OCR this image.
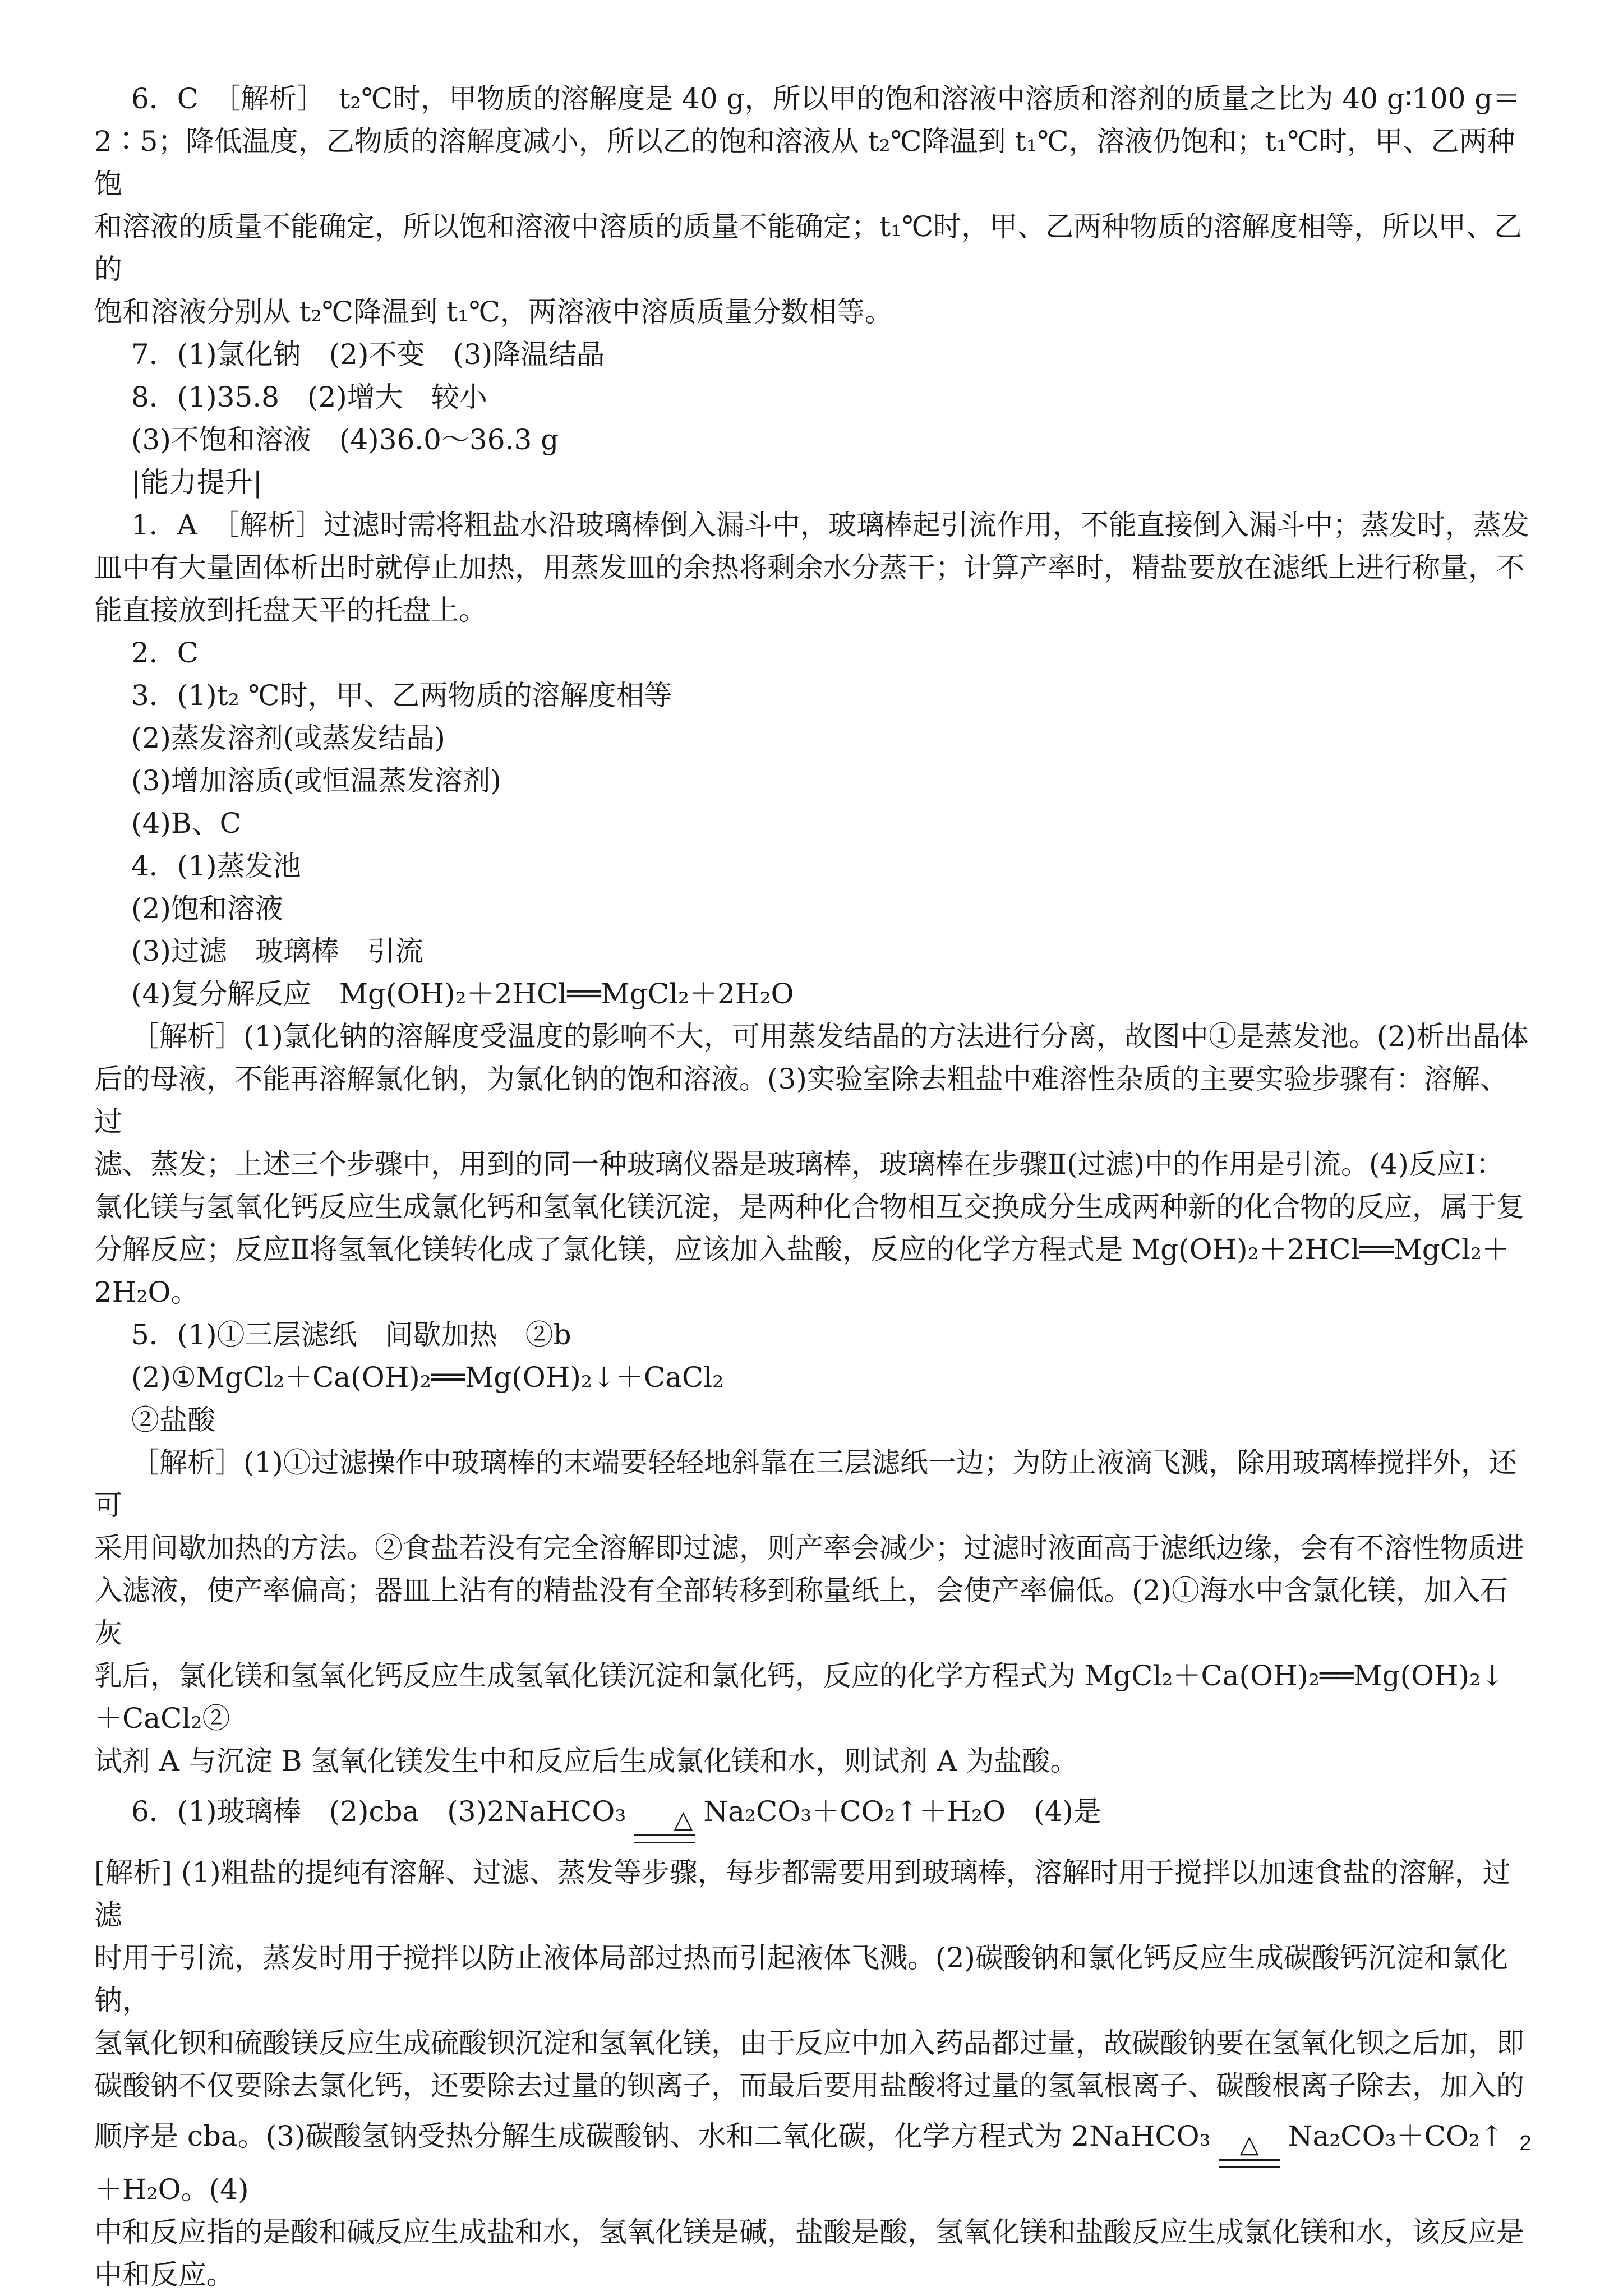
6．C　［解析］　t₂℃时，甲物质的溶解度是 40 g，所以甲的饱和溶液中溶质和溶剂的质量之比为 40 g∶100 g＝

2∶5；降低温度，乙物质的溶解度减小，所以乙的饱和溶液从 t₂℃降温到 t₁℃，溶液仍饱和；t₁℃时，甲、乙两种饱

和溶液的质量不能确定，所以饱和溶液中溶质的质量不能确定；t₁℃时，甲、乙两种物质的溶解度相等，所以甲、乙的

饱和溶液分别从 t₂℃降温到 t₁℃，两溶液中溶质质量分数相等。

7．(1)氯化钠　(2)不变　(3)降温结晶

8．(1)35.8　(2)增大　较小

(3)不饱和溶液　(4)36.0～36.3 g

|能力提升|

1．A　［解析］过滤时需将粗盐水沿玻璃棒倒入漏斗中，玻璃棒起引流作用，不能直接倒入漏斗中；蒸发时，蒸发

皿中有大量固体析出时就停止加热，用蒸发皿的余热将剩余水分蒸干；计算产率时，精盐要放在滤纸上进行称量，不

能直接放到托盘天平的托盘上。

2．C

3．(1)t₂ ℃时，甲、乙两物质的溶解度相等

(2)蒸发溶剂(或蒸发结晶)

(3)增加溶质(或恒温蒸发溶剂)

(4)B、C

4．(1)蒸发池

(2)饱和溶液

(3)过滤　玻璃棒　引流

(4)复分解反应　Mg(OH)₂＋2HCl══MgCl₂＋2H₂O

［解析］(1)氯化钠的溶解度受温度的影响不大，可用蒸发结晶的方法进行分离，故图中①是蒸发池。(2)析出晶体

后的母液，不能再溶解氯化钠，为氯化钠的饱和溶液。(3)实验室除去粗盐中难溶性杂质的主要实验步骤有：溶解、过

滤、蒸发；上述三个步骤中，用到的同一种玻璃仪器是玻璃棒，玻璃棒在步骤Ⅱ(过滤)中的作用是引流。(4)反应Ⅰ：

氯化镁与氢氧化钙反应生成氯化钙和氢氧化镁沉淀，是两种化合物相互交换成分生成两种新的化合物的反应，属于复

分解反应；反应Ⅱ将氢氧化镁转化成了氯化镁，应该加入盐酸，反应的化学方程式是 Mg(OH)₂＋2HCl══MgCl₂＋2H₂O。

5．(1)①三层滤纸　间歇加热　②b

(2)①MgCl₂＋Ca(OH)₂══Mg(OH)₂↓＋CaCl₂

②盐酸

［解析］(1)①过滤操作中玻璃棒的末端要轻轻地斜靠在三层滤纸一边；为防止液滴飞溅，除用玻璃棒搅拌外，还可

采用间歇加热的方法。②食盐若没有完全溶解即过滤，则产率会减少；过滤时液面高于滤纸边缘，会有不溶性物质进

入滤液，使产率偏高；器皿上沾有的精盐没有全部转移到称量纸上，会使产率偏低。(2)①海水中含氯化镁，加入石灰

乳后，氯化镁和氢氧化钙反应生成氢氧化镁沉淀和氯化钙，反应的化学方程式为 MgCl₂＋Ca(OH)₂══Mg(OH)₂↓＋CaCl₂②

试剂 A 与沉淀 B 氢氧化镁发生中和反应后生成氯化镁和水，则试剂 A 为盐酸。

6．(1)玻璃棒　(2)cba　(3)2NaHCO₃	△ Na₂CO₃＋CO₂↑＋H₂O　(4)是

[解析] (1)粗盐的提纯有溶解、过滤、蒸发等步骤，每步都需要用到玻璃棒，溶解时用于搅拌以加速食盐的溶解，过滤

时用于引流，蒸发时用于搅拌以防止液体局部过热而引起液体飞溅。(2)碳酸钠和氯化钙反应生成碳酸钙沉淀和氯化钠，

氢氧化钡和硫酸镁反应生成硫酸钡沉淀和氢氧化镁，由于反应中加入药品都过量，故碳酸钠要在氢氧化钡之后加，即

碳酸钠不仅要除去氯化钙，还要除去过量的钡离子，而最后要用盐酸将过量的氢氧根离子、碳酸根离子除去，加入的

顺序是 cba。(3)碳酸氢钠受热分解生成碳酸钠、水和二氧化碳，化学方程式为 2NaHCO₃ △ Na₂CO₃＋CO₂↑＋H₂O。(4)

中和反应指的是酸和碱反应生成盐和水，氢氧化镁是碱，盐酸是酸，氢氧化镁和盐酸反应生成氯化镁和水，该反应是

中和反应。

2
